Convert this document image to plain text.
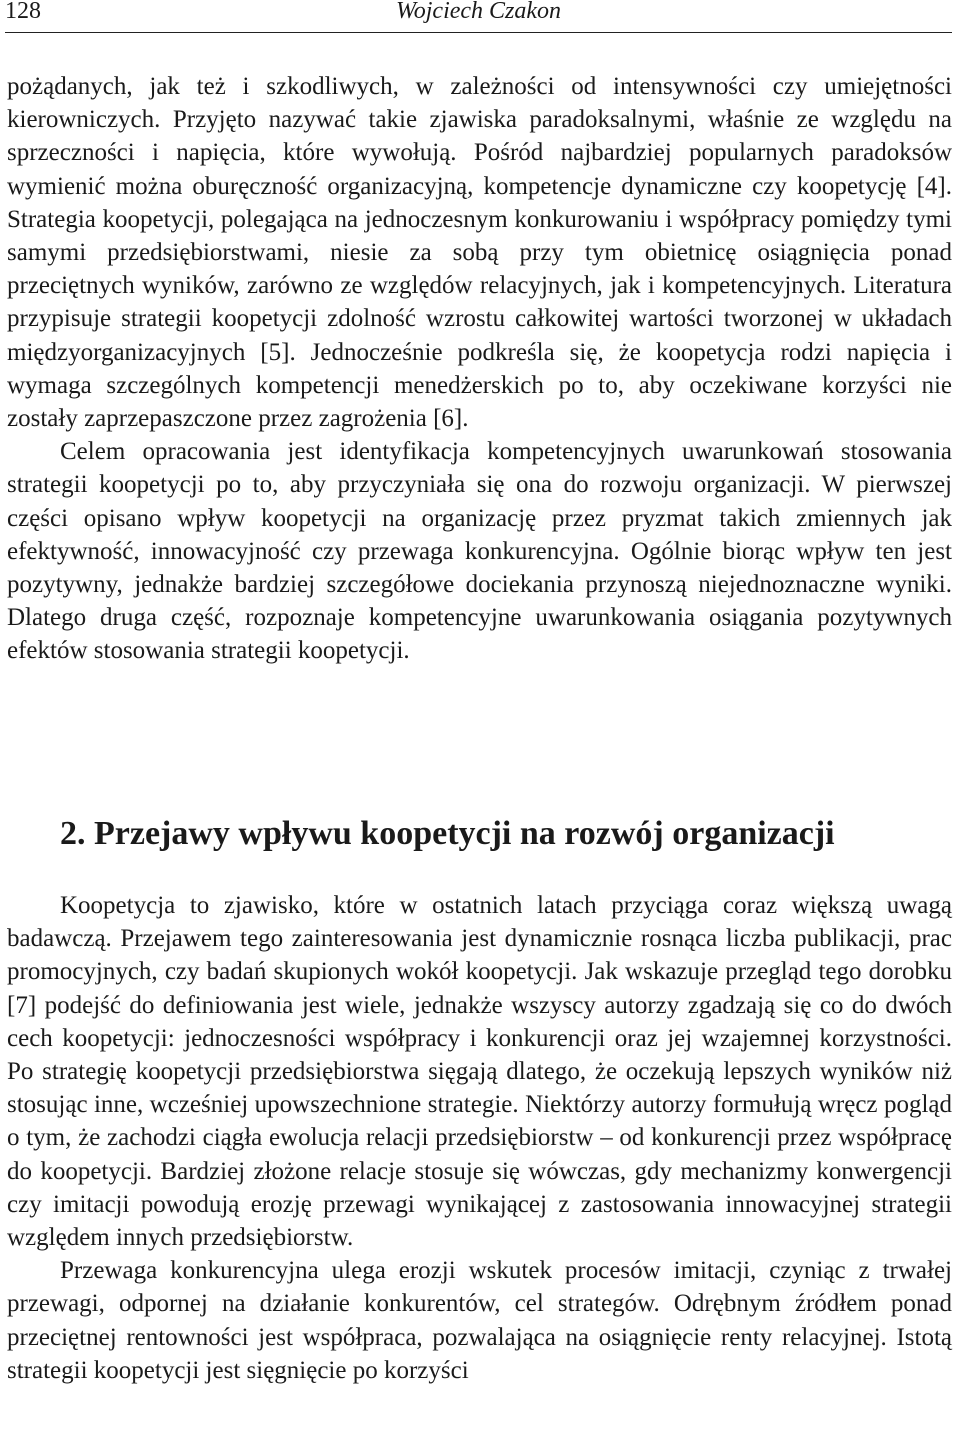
128	Wojciech Czakon

pożądanych, jak też i szkodliwych, w zależności od intensywności czy umiejętności kierowniczych. Przyjęto nazywać takie zjawiska paradoksalnymi, właśnie ze względu na sprzeczności i napięcia, które wywołują. Pośród najbardziej popularnych paradoksów wymienić można oburęczność organizacyjną, kompetencje dynamiczne czy koopetycję [4]. Strategia koopetycji, polegająca na jednoczesnym konkurowaniu i współpracy pomiędzy tymi samymi przedsiębiorstwami, niesie za sobą przy tym obietnicę osiągnięcia ponad przeciętnych wyników, zarówno ze względów relacyjnych, jak i kompetencyjnych. Literatura przypisuje strategii koopetycji zdolność wzrostu całkowitej wartości tworzonej w układach międzyorganizacyjnych [5]. Jednocześnie podkreśla się, że koopetycja rodzi napięcia i wymaga szczególnych kompetencji menedżerskich po to, aby oczekiwane korzyści nie zostały zaprzepaszczone przez zagrożenia [6].

Celem opracowania jest identyfikacja kompetencyjnych uwarunkowań stosowania strategii koopetycji po to, aby przyczyniała się ona do rozwoju organizacji. W pierwszej części opisano wpływ koopetycji na organizację przez pryzmat takich zmiennych jak efektywność, innowacyjność czy przewaga konkurencyjna. Ogólnie biorąc wpływ ten jest pozytywny, jednakże bardziej szczegółowe dociekania przynoszą niejednoznaczne wyniki. Dlatego druga część, rozpoznaje kompetencyjne uwarunkowania osiągania pozytywnych efektów stosowania strategii koopetycji.

2. Przejawy wpływu koopetycji na rozwój organizacji

Koopetycja to zjawisko, które w ostatnich latach przyciąga coraz większą uwagą badawczą. Przejawem tego zainteresowania jest dynamicznie rosnąca liczba publikacji, prac promocyjnych, czy badań skupionych wokół koopetycji. Jak wskazuje przegląd tego dorobku [7] podejść do definiowania jest wiele, jednakże wszyscy autorzy zgadzają się co do dwóch cech koopetycji: jednoczesności współpracy i konkurencji oraz jej wzajemnej korzystności. Po strategię koopetycji przedsiębiorstwa sięgają dlatego, że oczekują lepszych wyników niż stosując inne, wcześniej upowszechnione strategie. Niektórzy autorzy formułują wręcz pogląd o tym, że zachodzi ciągła ewolucja relacji przedsiębiorstw – od konkurencji przez współpracę do koopetycji. Bardziej złożone relacje stosuje się wówczas, gdy mechanizmy konwergencji czy imitacji powodują erozję przewagi wynikającej z zastosowania innowacyjnej strategii względem innych przedsiębiorstw.

Przewaga konkurencyjna ulega erozji wskutek procesów imitacji, czyniąc z trwałej przewagi, odpornej na działanie konkurentów, cel strategów. Odrębnym źródłem ponad przeciętnej rentowności jest współpraca, pozwalająca na osiągnięcie renty relacyjnej. Istotą strategii koopetycji jest sięgnięcie po korzyści
